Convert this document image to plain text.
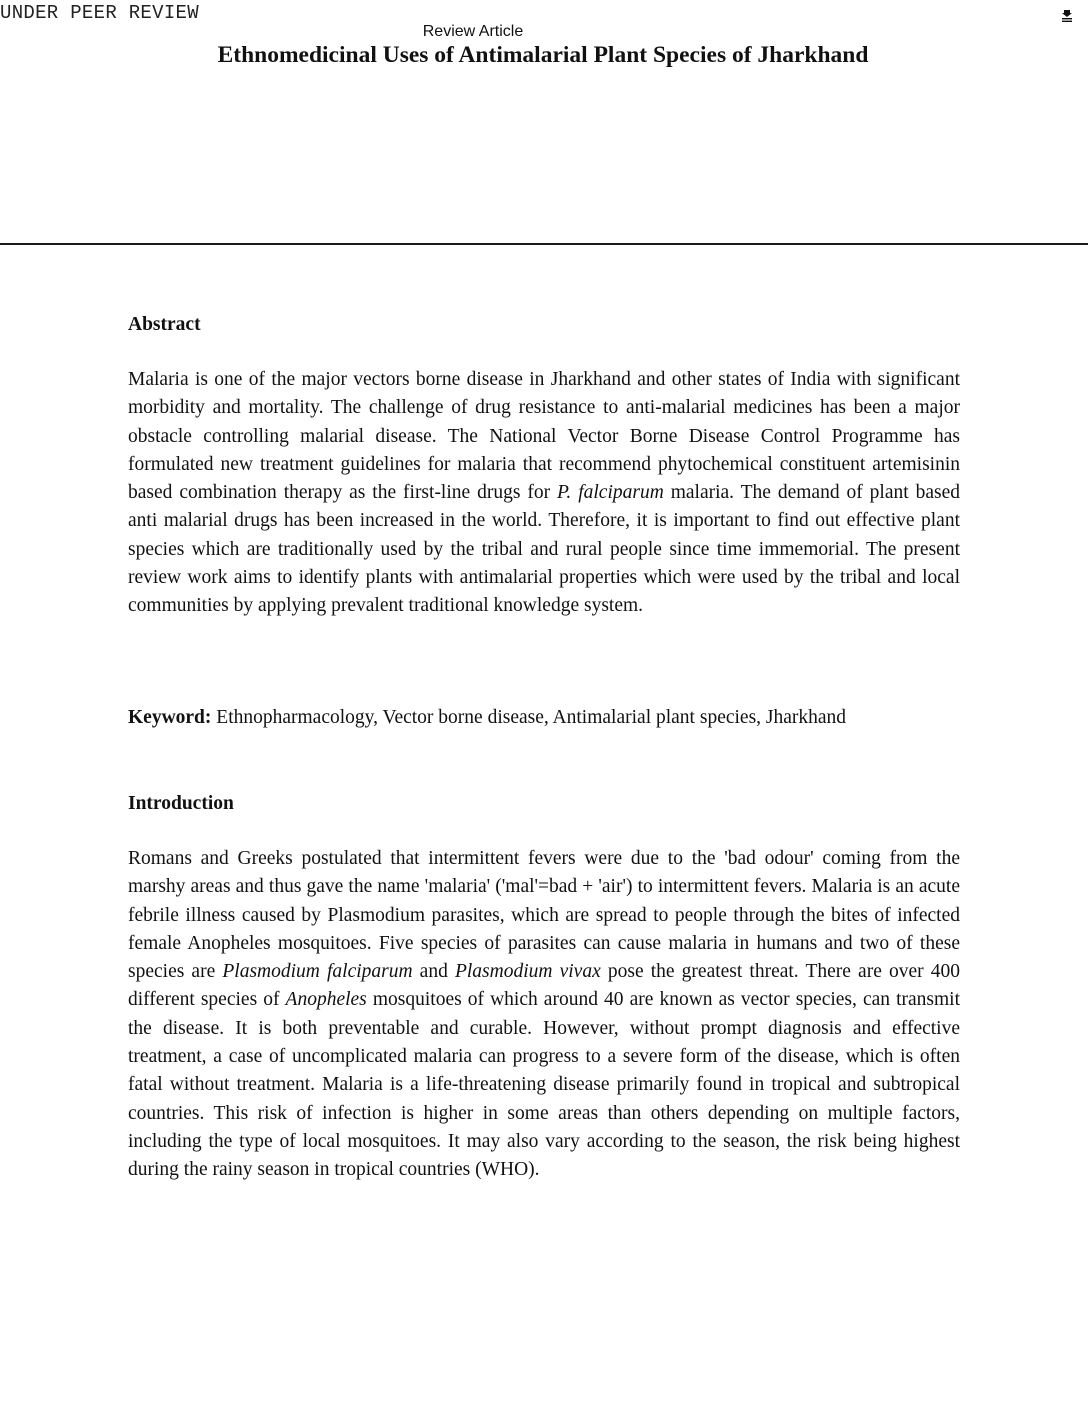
UNDER PEER REVIEW
Review Article
Ethnomedicinal Uses of Antimalarial Plant Species of Jharkhand
Abstract

Malaria is one of the major vectors borne disease in Jharkhand and other states of India with significant morbidity and mortality. The challenge of drug resistance to anti-malarial medicines has been a major obstacle controlling malarial disease. The National Vector Borne Disease Control Programme has formulated new treatment guidelines for malaria that recommend phytochemical constituent artemisinin based combination therapy as the first-line drugs for P. falciparum malaria. The demand of plant based anti malarial drugs has been increased in the world. Therefore, it is important to find out effective plant species which are traditionally used by the tribal and rural people since time immemorial. The present review work aims to identify plants with antimalarial properties which were used by the tribal and local communities by applying prevalent traditional knowledge system.

Keyword: Ethnopharmacology, Vector borne disease, Antimalarial plant species, Jharkhand

Introduction

Romans and Greeks postulated that intermittent fevers were due to the 'bad odour' coming from the marshy areas and thus gave the name 'malaria' ('mal'=bad + 'air') to intermittent fevers. Malaria is an acute febrile illness caused by Plasmodium parasites, which are spread to people through the bites of infected female Anopheles mosquitoes. Five species of parasites can cause malaria in humans and two of these species are Plasmodium falciparum and Plasmodium vivax pose the greatest threat. There are over 400 different species of Anopheles mosquitoes of which around 40 are known as vector species, can transmit the disease. It is both preventable and curable. However, without prompt diagnosis and effective treatment, a case of uncomplicated malaria can progress to a severe form of the disease, which is often fatal without treatment. Malaria is a life-threatening disease primarily found in tropical and subtropical countries. This risk of infection is higher in some areas than others depending on multiple factors, including the type of local mosquitoes. It may also vary according to the season, the risk being highest during the rainy season in tropical countries (WHO).
